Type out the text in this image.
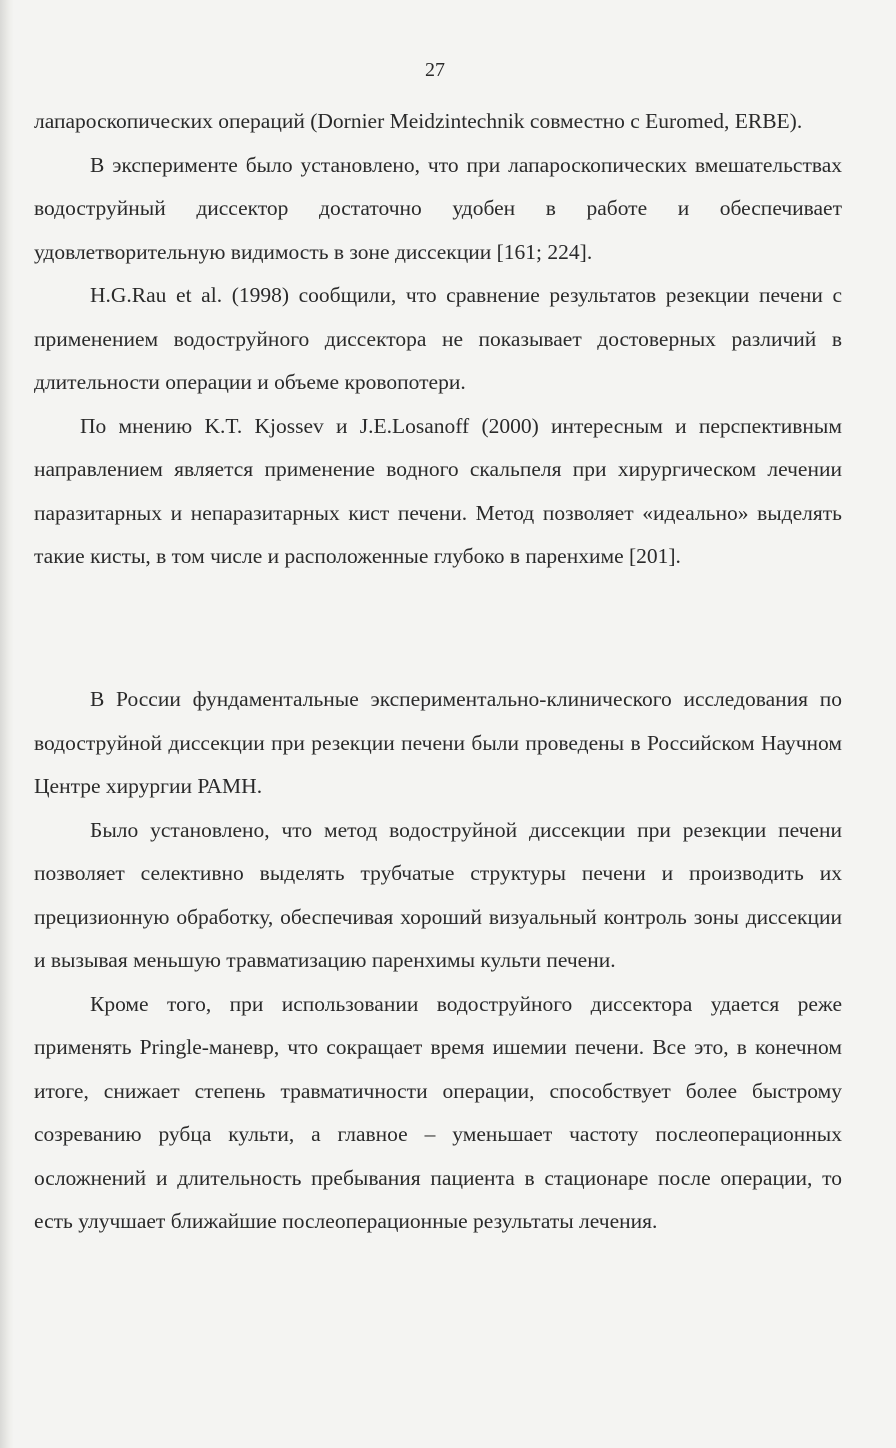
27

лапароскопических операций (Dornier Meidzintechnik совместно с Euromed, ERBE).

В эксперименте было установлено, что при лапароскопических вмешательствах водоструйный диссектор достаточно удобен в работе и обеспечивает удовлетворительную видимость в зоне диссекции [161; 224].

H.G.Rau et al. (1998) сообщили, что сравнение результатов резекции печени с применением водоструйного диссектора не показывает достоверных различий в длительности операции и объеме кровопотери.

По мнению K.T. Kjossev и J.E.Losanoff (2000) интересным и перспективным направлением является применение водного скальпеля при хирургическом лечении паразитарных и непаразитарных кист печени. Метод позволяет «идеально» выделять такие кисты, в том числе и расположенные глубоко в паренхиме [201].

В России фундаментальные экспериментально-клинического исследования по водоструйной диссекции при резекции печени были проведены в Российском Научном Центре хирургии РАМН.

Было установлено, что метод водоструйной диссекции при резекции печени позволяет селективно выделять трубчатые структуры печени и производить их прецизионную обработку, обеспечивая хороший визуальный контроль зоны диссекции и вызывая меньшую травматизацию паренхимы культи печени.

Кроме того, при использовании водоструйного диссектора удается реже применять Pringle-маневр, что сокращает время ишемии печени. Все это, в конечном итоге, снижает степень травматичности операции, способствует более быстрому созреванию рубца культи, а главное – уменьшает частоту послеоперационных осложнений и длительность пребывания пациента в стационаре после операции, то есть улучшает ближайшие послеоперационные результаты лечения.
